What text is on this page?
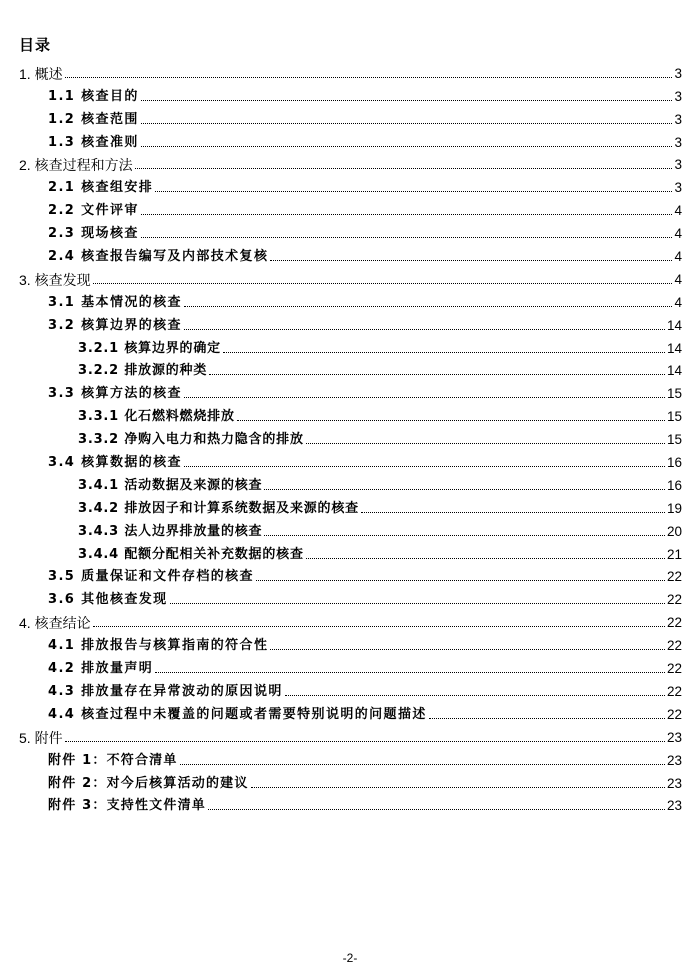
目录
1. 概述	3
1.1 核查目的	3
1.2 核查范围	3
1.3 核查准则	3
2. 核查过程和方法	3
2.1 核查组安排	3
2.2 文件评审	4
2.3 现场核查	4
2.4 核查报告编写及内部技术复核	4
3. 核查发现	4
3.1 基本情况的核查	4
3.2 核算边界的核查	14
3.2.1 核算边界的确定	14
3.2.2 排放源的种类	14
3.3 核算方法的核查	15
3.3.1 化石燃料燃烧排放	15
3.3.2 净购入电力和热力隐含的排放	15
3.4 核算数据的核查	16
3.4.1 活动数据及来源的核查	16
3.4.2 排放因子和计算系统数据及来源的核查	19
3.4.3 法人边界排放量的核查	20
3.4.4 配额分配相关补充数据的核查	21
3.5 质量保证和文件存档的核查	22
3.6 其他核查发现	22
4. 核查结论	22
4.1 排放报告与核算指南的符合性	22
4.2 排放量声明	22
4.3 排放量存在异常波动的原因说明	22
4.4 核查过程中未覆盖的问题或者需要特别说明的问题描述	22
5. 附件	23
附件 1：不符合清单	23
附件 2：对今后核算活动的建议	23
附件 3：支持性文件清单	23
-2-
